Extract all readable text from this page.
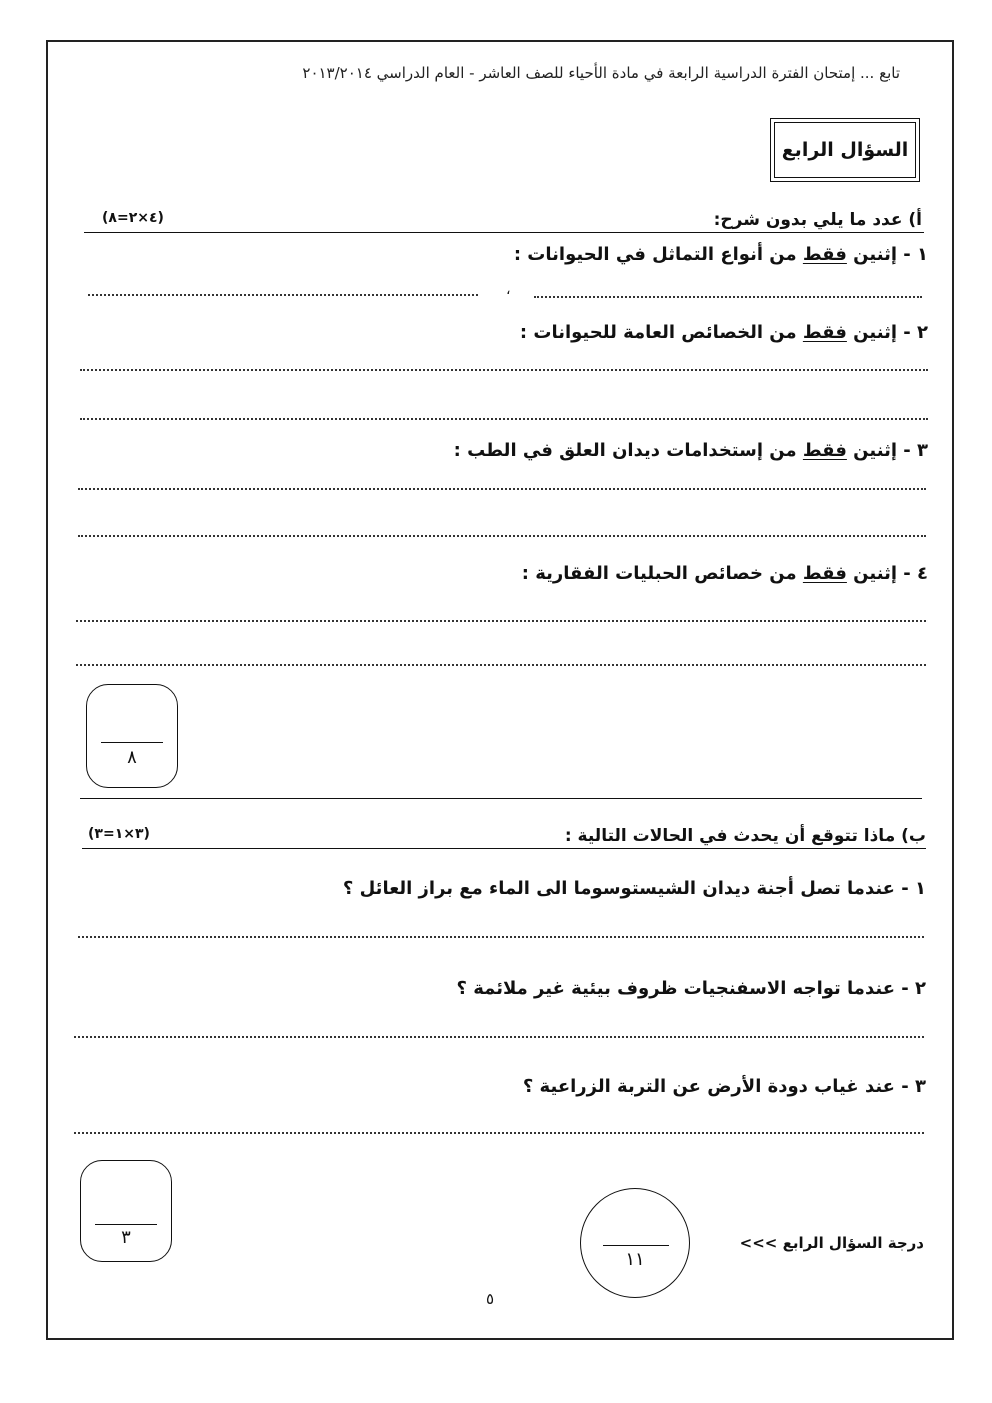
تابع ... إمتحان الفترة الدراسية الرابعة في مادة الأحياء للصف العاشر - العام الدراسي ٢٠١٣/٢٠١٤
السؤال الرابع
أ) عدد ما يلي بدون شرح:
(٤×٢=٨)
١ - إثنين فقط من أنواع التماثل في الحيوانات :
،
٢ - إثنين فقط من الخصائص العامة للحيوانات :
٣ - إثنين فقط من إستخدامات ديدان العلق في الطب :
٤ - إثنين فقط من خصائص الحبليات الفقارية :
٨
ب) ماذا تتوقع أن يحدث في الحالات التالية :
(٣×١=٣)
١ - عندما تصل أجنة ديدان الشيستوسوما الى الماء مع براز العائل ؟
٢ - عندما تواجه الاسفنجيات ظروف بيئية غير ملائمة ؟
٣ - عند غياب دودة الأرض عن التربة الزراعية ؟
٣
١١
درجة السؤال الرابع >>>
٥
